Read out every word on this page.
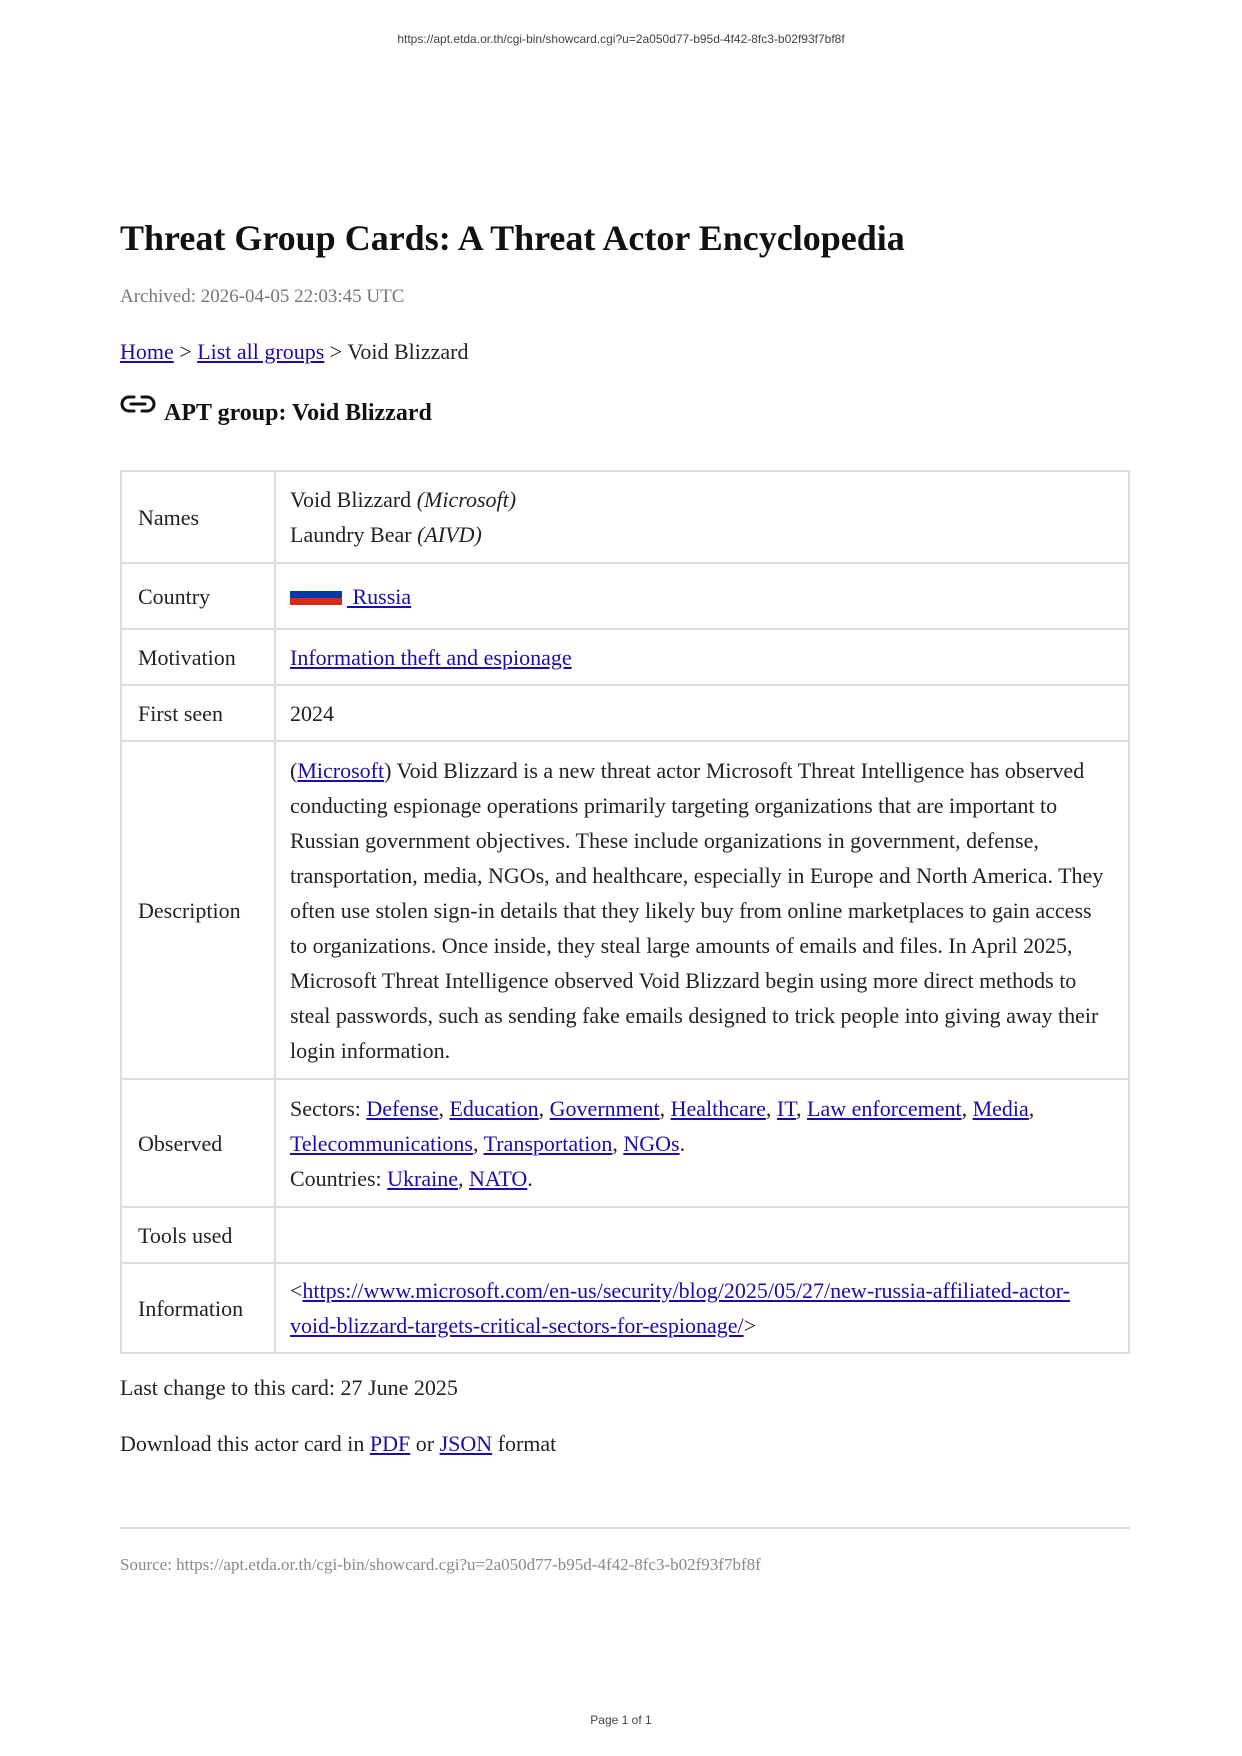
https://apt.etda.or.th/cgi-bin/showcard.cgi?u=2a050d77-b95d-4f42-8fc3-b02f93f7bf8f
Threat Group Cards: A Threat Actor Encyclopedia
Archived: 2026-04-05 22:03:45 UTC
Home > List all groups > Void Blizzard
APT group: Void Blizzard
Names	Void Blizzard (Microsoft)
Laundry Bear (AIVD)

Country	Russia
Motivation	Information theft and espionage
First seen	2024
Description	(Microsoft) Void Blizzard is a new threat actor Microsoft Threat Intelligence has observed conducting espionage operations primarily targeting organizations that are important to Russian government objectives. These include organizations in government, defense, transportation, media, NGOs, and healthcare, especially in Europe and North America. They often use stolen sign-in details that they likely buy from online marketplaces to gain access to organizations. Once inside, they steal large amounts of emails and files. In April 2025, Microsoft Threat Intelligence observed Void Blizzard begin using more direct methods to steal passwords, such as sending fake emails designed to trick people into giving away their login information.
Observed	Sectors: Defense, Education, Government, Healthcare, IT, Law enforcement, Media, Telecommunications, Transportation, NGOs.
Countries: Ukraine, NATO.

Tools used	
Information	<https://www.microsoft.com/en-us/security/blog/2025/05/27/new-russia-affiliated-actor-void-blizzard-targets-critical-sectors-for-espionage/>
Last change to this card: 27 June 2025
Download this actor card in PDF or JSON format
Source: https://apt.etda.or.th/cgi-bin/showcard.cgi?u=2a050d77-b95d-4f42-8fc3-b02f93f7bf8f
Page 1 of 1
